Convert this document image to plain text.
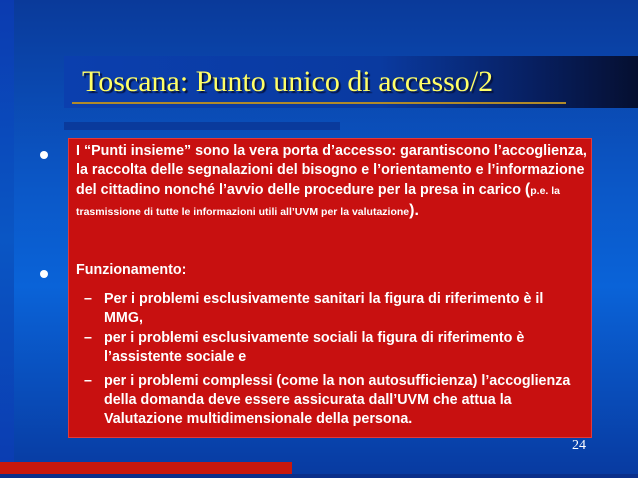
Toscana: Punto unico di accesso/2

I “Punti insieme” sono la vera porta d’accesso: garantiscono l’accoglienza, la raccolta delle segnalazioni del bisogno e l’orientamento e l’informazione del cittadino nonché l’avvio delle procedure per la presa in carico (p.e. la trasmissione di tutte le informazioni utili all’UVM per la valutazione).

Funzionamento:

– Per i problemi esclusivamente sanitari la figura di riferimento è il MMG,

– per i problemi esclusivamente sociali la figura di riferimento è l’assistente sociale e

– per i problemi complessi (come la non autosufficienza) l’accoglienza della domanda deve essere assicurata dall’UVM che attua la Valutazione multidimensionale della persona.

24
